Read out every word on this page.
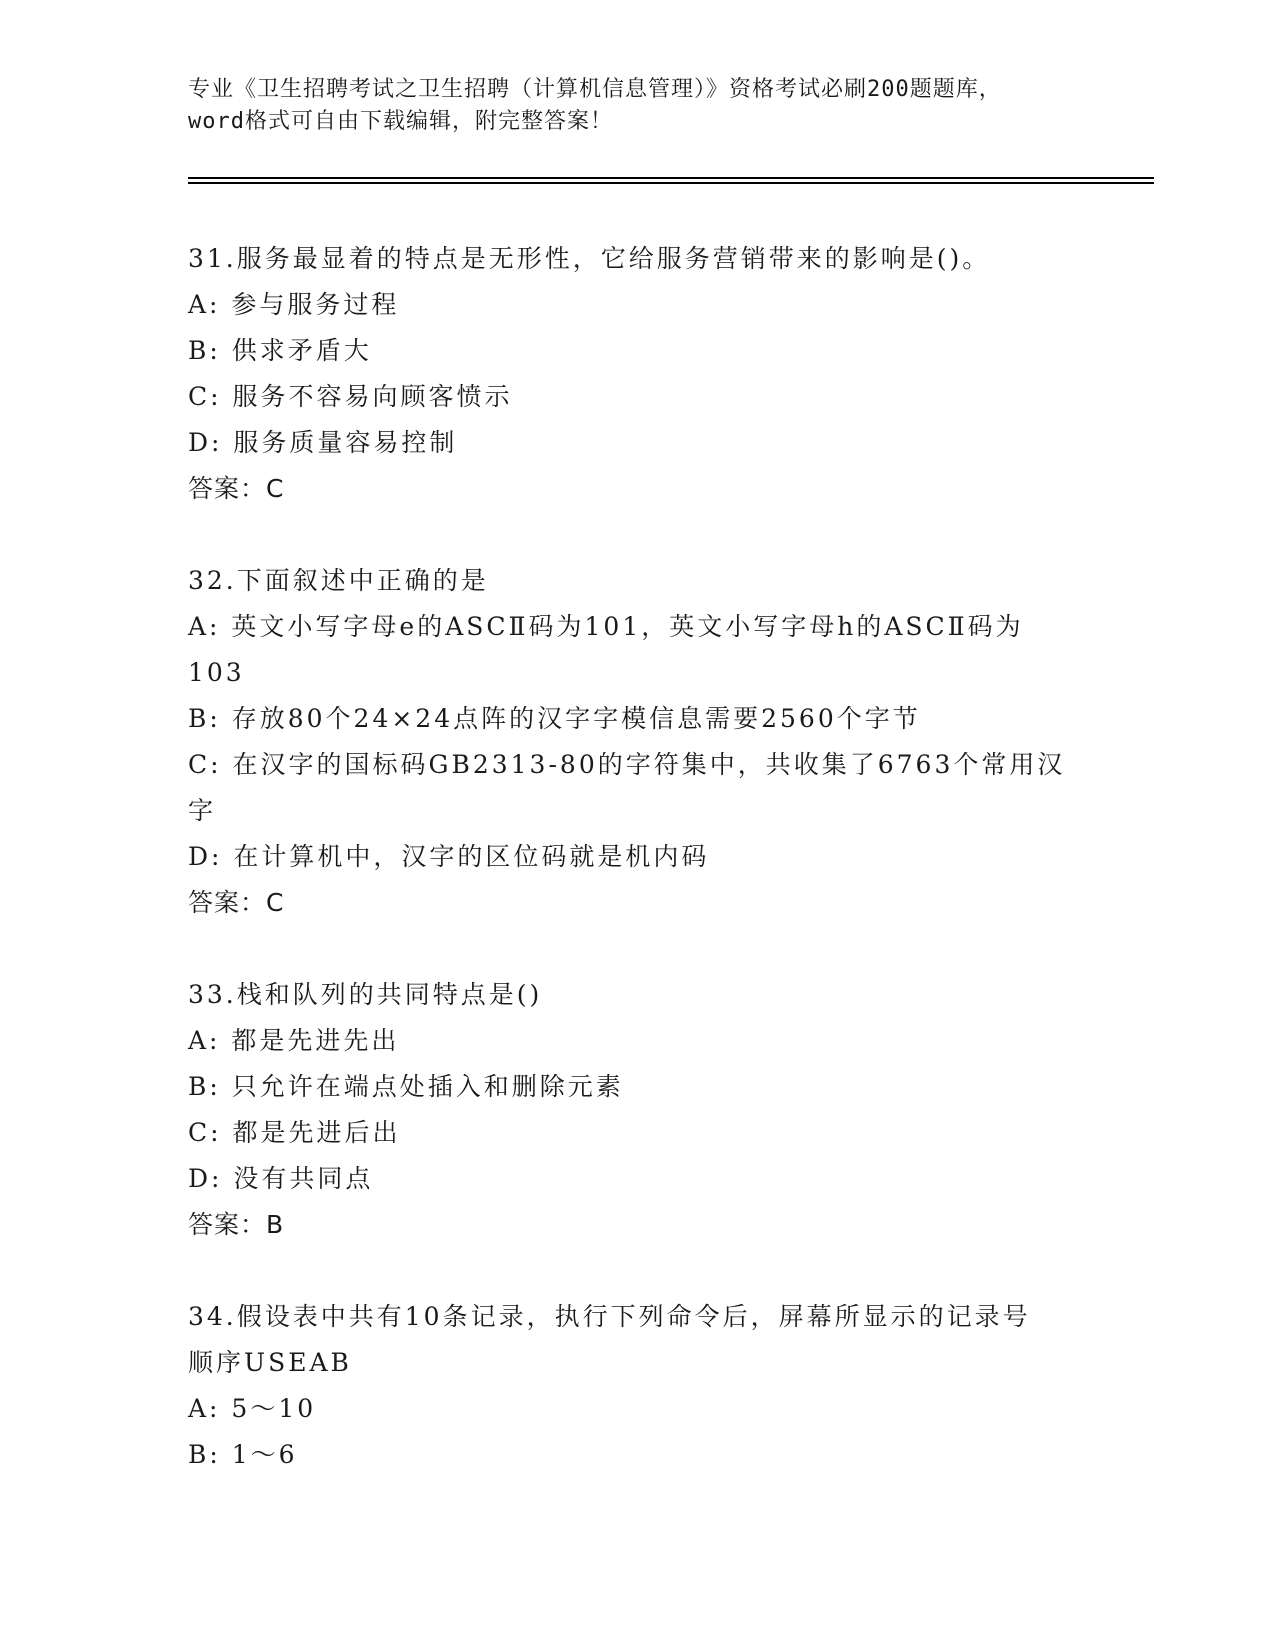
专业《卫生招聘考试之卫生招聘（计算机信息管理）》资格考试必刷200题题库，
word格式可自由下载编辑，附完整答案！
31.服务最显着的特点是无形性，它给服务营销带来的影响是()。
A: 参与服务过程
B: 供求矛盾大
C: 服务不容易向顾客愤示
D: 服务质量容易控制
答案：C
32.下面叙述中正确的是
A: 英文小写字母e的ASCⅡ码为101，英文小写字母h的ASCⅡ码为
103
B: 存放80个24×24点阵的汉字字模信息需要2560个字节
C: 在汉字的国标码GB2313-80的字符集中，共收集了6763个常用汉
字
D: 在计算机中，汉字的区位码就是机内码
答案：C
33.栈和队列的共同特点是()
A: 都是先进先出
B: 只允许在端点处插入和删除元素
C: 都是先进后出
D: 没有共同点
答案：B
34.假设表中共有10条记录，执行下列命令后，屏幕所显示的记录号
顺序USEAB
A: 5～10
B: 1～6
